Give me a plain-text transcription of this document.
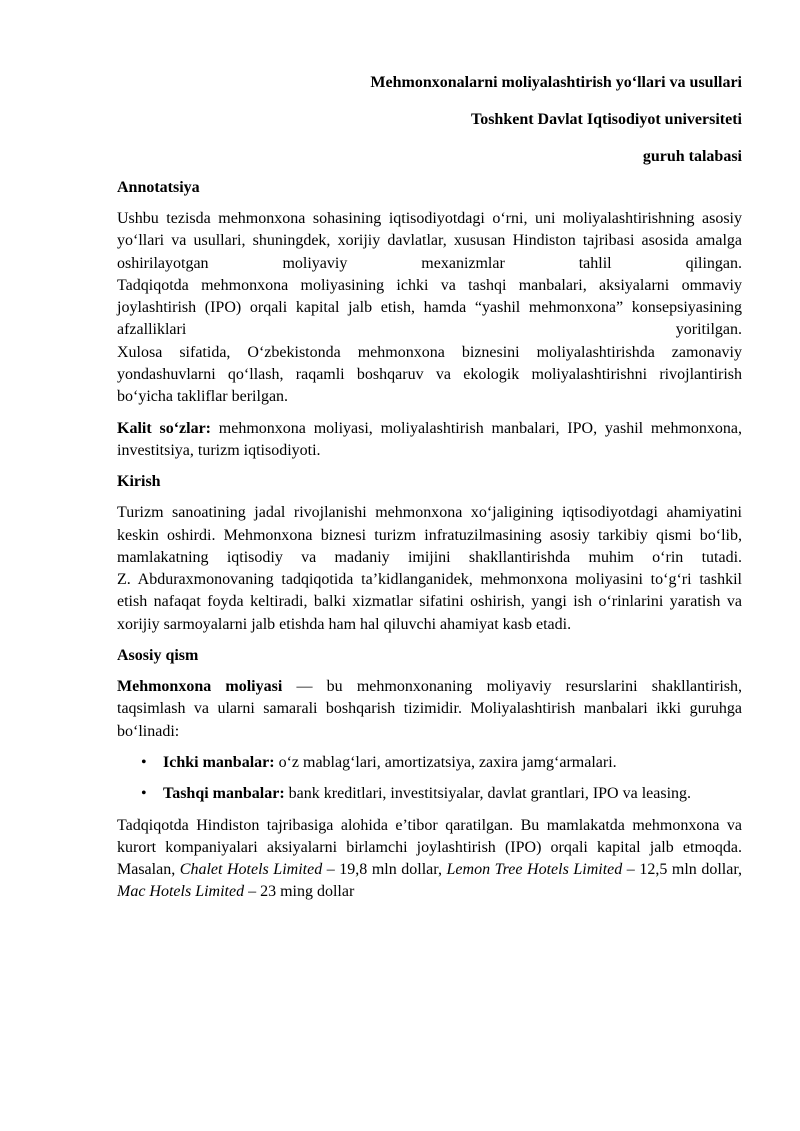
Mehmonxonalarni moliyalashtirish yo‘llari va usullari
Toshkent Davlat Iqtisodiyot universiteti
guruh talabasi
Annotatsiya

Ushbu tezisda mehmonxona sohasining iqtisodiyotdagi o‘rni, uni moliyalashtirishning asosiy yo‘llari va usullari, shuningdek, xorijiy davlatlar, xususan Hindiston tajribasi asosida amalga oshirilayotgan moliyaviy mexanizmlar tahlil	qilingan.
Tadqiqotda mehmonxona moliyasining ichki va tashqi manbalari, aksiyalarni ommaviy joylashtirish (IPO) orqali kapital jalb etish, hamda “yashil mehmonxona” konsepsiyasining afzalliklari	yoritilgan.
Xulosa sifatida, O‘zbekistonda mehmonxona biznesini moliyalashtirishda zamonaviy yondashuvlarni qo‘llash, raqamli boshqaruv va ekologik moliyalashtirishni rivojlantirish bo‘yicha takliflar berilgan.

Kalit so‘zlar: mehmonxona moliyasi, moliyalashtirish manbalari, IPO, yashil mehmonxona, investitsiya, turizm iqtisodiyoti.

Kirish

Turizm sanoatining jadal rivojlanishi mehmonxona xo‘jaligining iqtisodiyotdagi ahamiyatini keskin oshirdi. Mehmonxona biznesi turizm infratuzilmasining asosiy tarkibiy qismi bo‘lib, mamlakatning iqtisodiy va madaniy imijini shakllantirishda muhim o‘rin tutadi.
Z. Abduraxmonovaning tadqiqotida ta’kidlanganidek, mehmonxona moliyasini to‘g‘ri tashkil etish nafaqat foyda keltiradi, balki xizmatlar sifatini oshirish, yangi ish o‘rinlarini yaratish va xorijiy sarmoyalarni jalb etishda ham hal qiluvchi ahamiyat kasb etadi.

Asosiy qism

Mehmonxona moliyasi — bu mehmonxonaning moliyaviy resurslarini shakllantirish, taqsimlash va ularni samarali boshqarish tizimidir. Moliyalashtirish manbalari ikki guruhga bo‘linadi:

• Ichki manbalar: o‘z mablag‘lari, amortizatsiya, zaxira jamg‘armalari.
• Tashqi manbalar: bank kreditlari, investitsiyalar, davlat grantlari, IPO va leasing.

Tadqiqotda Hindiston tajribasiga alohida e’tibor qaratilgan. Bu mamlakatda mehmonxona va kurort kompaniyalari aksiyalarni birlamchi joylashtirish (IPO) orqali kapital jalb etmoqda. Masalan, Chalet Hotels Limited – 19,8 mln dollar, Lemon Tree Hotels Limited – 12,5 mln dollar, Mac Hotels Limited – 23 ming dollar
